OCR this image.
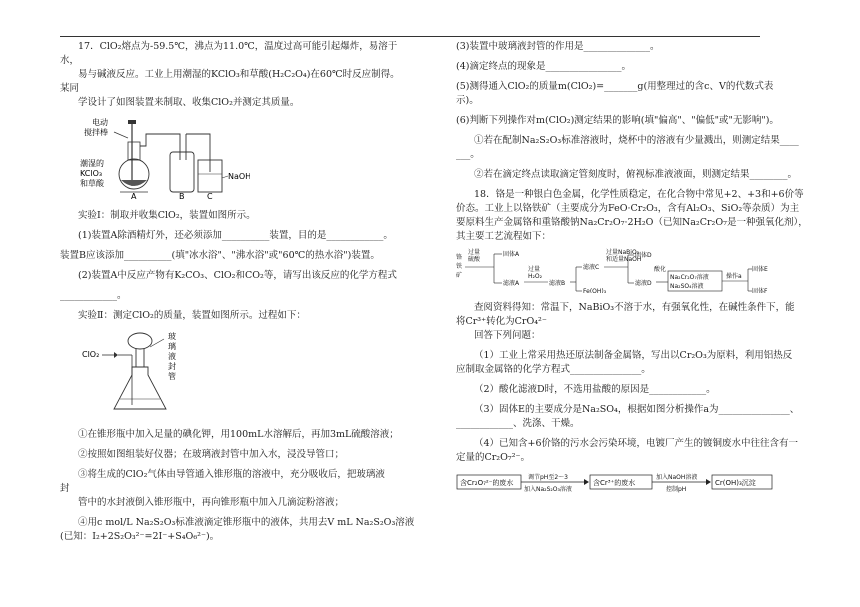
17．ClO₂熔点为-59.5℃，沸点为11.0℃，温度过高可能引起爆炸，易溶于

水，

易与碱液反应。工业上用潮湿的KClO₃和草酸(H₂C₂O₄)在60℃时反应制得。

某同

学设计了如图装置来制取、收集ClO₂并测定其质量。

电动
搅拌棒
NaOH
潮湿的
KClO₃
和草酸
A	B	C

实验Ⅰ：制取并收集ClO₂，装置如图所示。

(1)装置A除酒精灯外，还必须添加__________装置，目的是____________。

装置B应该添加__________(填"冰水浴"、"沸水浴"或"60℃的热水浴")装置。

(2)装置A中反应产物有K₂CO₃、ClO₂和CO₂等，请写出该反应的化学方程式

____________。

实验Ⅱ：测定ClO₂的质量，装置如图所示。过程如下：

ClO₂
玻
璃
液
封
管

①在锥形瓶中加入足量的碘化钾，用100mL水溶解后，再加3mL硫酸溶液；

②按照如图组装好仪器；在玻璃液封管中加入水，浸没导管口；

③将生成的ClO₂气体由导管通入锥形瓶的溶液中，充分吸收后，把玻璃液

封

管中的水封液倒入锥形瓶中，再向锥形瓶中加入几滴淀粉溶液；

④用c mol/L Na₂S₂O₃标准液滴定锥形瓶中的液体，共用去V mL Na₂S₂O₃溶液

(已知：I₂+2S₂O₃²⁻=2I⁻+S₄O₆²⁻)。

(3)装置中玻璃液封管的作用是______________。

(4)滴定终点的现象是________________。

(5)测得通入ClO₂的质量m(ClO₂)=_______g(用整理过的含c、V的代数式表

示)。

(6)判断下列操作对m(ClO₂)测定结果的影响(填"偏高"、"偏低"或"无影响")。

①若在配制Na₂S₂O₃标准溶液时，烧杯中的溶液有少量溅出，则测定结果____

___。

②若在滴定终点读取滴定管刻度时，俯视标准液液面，则测定结果________。

18．铬是一种银白色金属，化学性质稳定，在化合物中常见+2、+3和+6价等

价态。工业上以铬铁矿（主要成分为FeO·Cr₂O₃，含有Al₂O₃、SiO₂等杂质）为主

要原料生产金属铬和重铬酸钠Na₂Cr₂O₇·2H₂O（已知Na₂Cr₂O₇是一种强氧化剂），

其主要工艺流程如下：

铬
铁
矿
过量
硫酸
固体A
滤液A
过量
H₂O₂
滤液B
滤液C
Fe(OH)₃
过量NaBiO₃
和适量NaOH
固体D
滤液D
酸化
Na₂Cr₂O₇溶液
Na₂SO₄溶液
操作a
固体E
固体F

查阅资料得知：常温下，NaBiO₃不溶于水，有强氧化性，在碱性条件下，能

将Cr³⁺转化为CrO₄²⁻

回答下列问题：

（1）工业上常采用热还原法制备金属铬，写出以Cr₂O₃为原料，利用铝热反

应制取金属铬的化学方程式_______________。

（2）酸化滤液D时，不选用盐酸的原因是____________。

（3）固体E的主要成分是Na₂SO₄，根据如图分析操作a为_______________、

____________、洗涤、干燥。

（4）已知含+6价铬的污水会污染环境，电镀厂产生的镀铜废水中往往含有一

定量的Cr₂O₇²⁻。

含Cr₂O₇²⁻的废水
调节pH至2～3
加入Na₂S₂O₃溶液
含Cr³⁺的废水
加入NaOH溶液
控制pH
Cr(OH)₃沉淀
